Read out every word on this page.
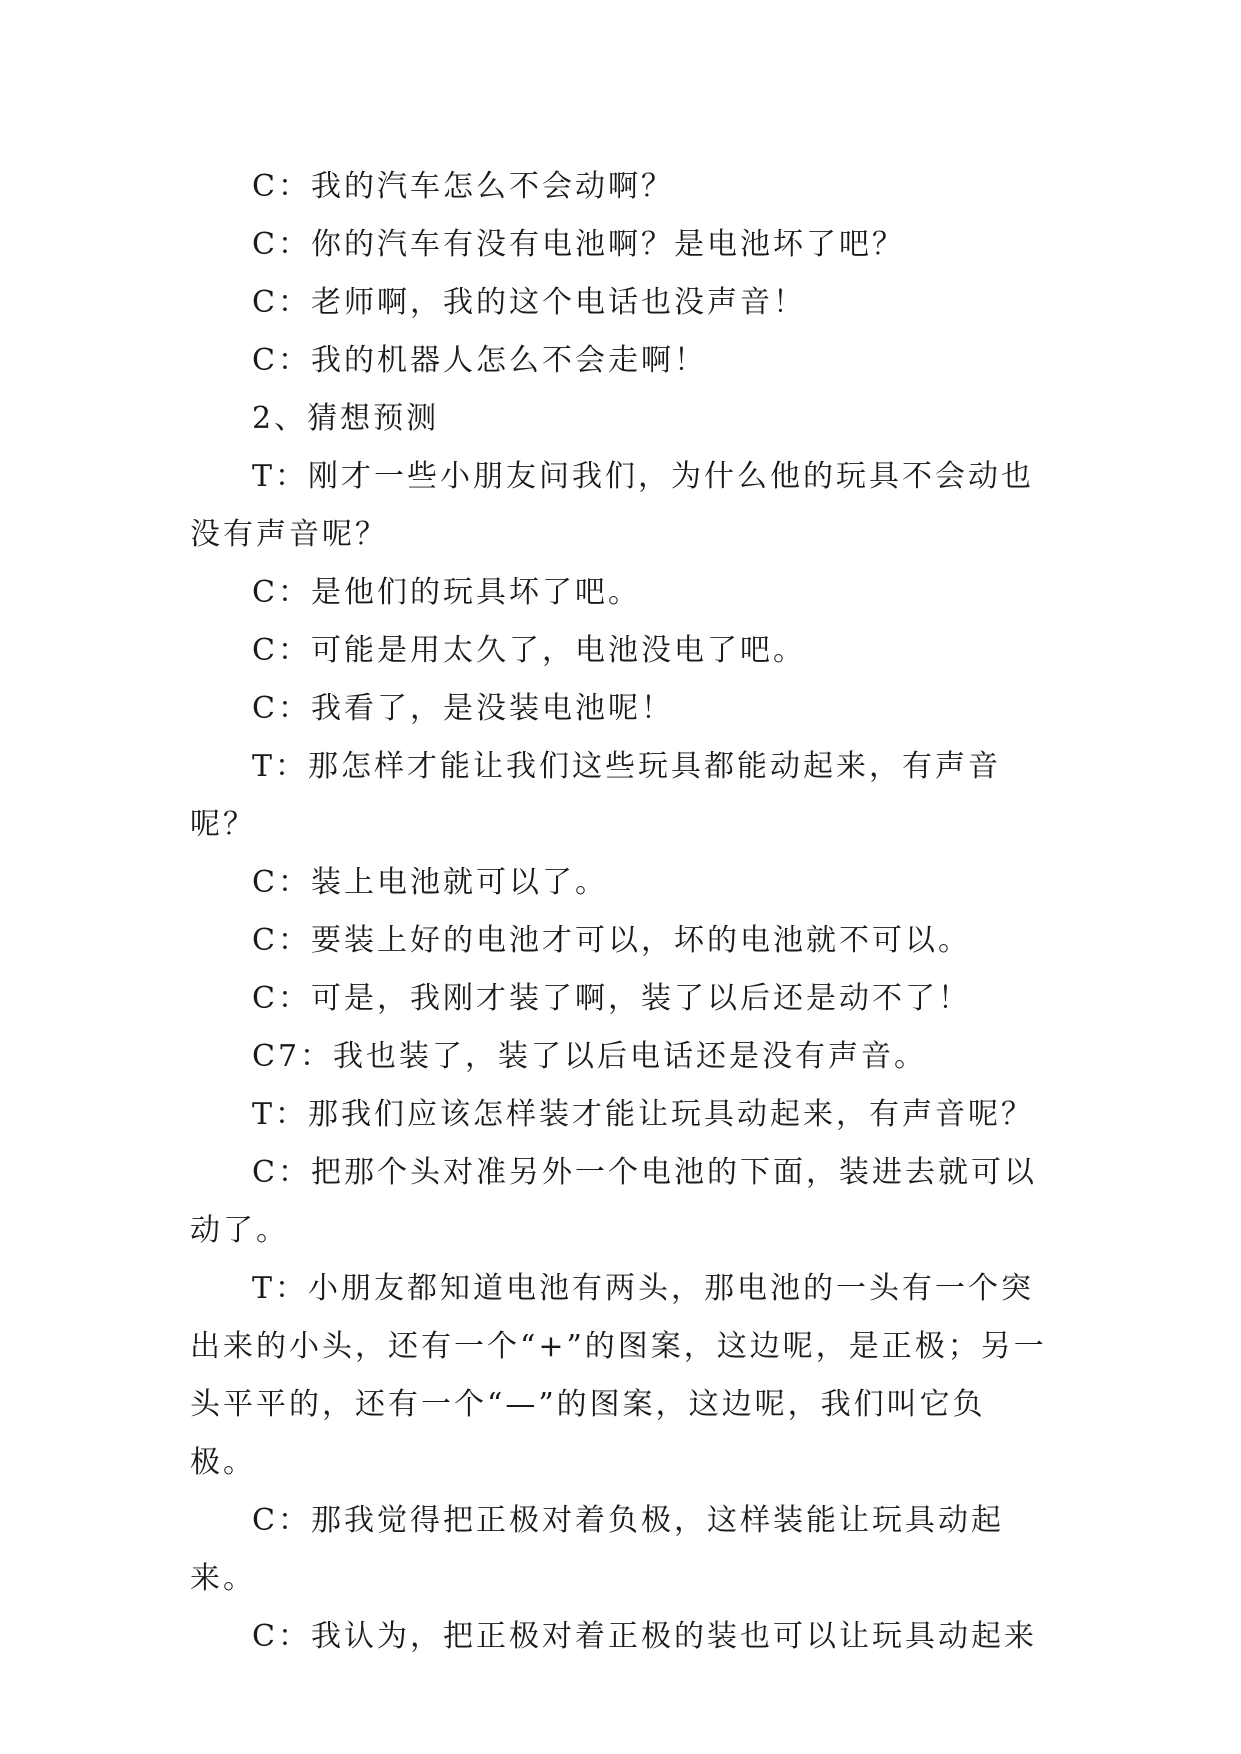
C：我的汽车怎么不会动啊？

C：你的汽车有没有电池啊？是电池坏了吧？

C：老师啊，我的这个电话也没声音！

C：我的机器人怎么不会走啊！

2、猜想预测

T：刚才一些小朋友问我们，为什么他的玩具不会动也没有声音呢？

C：是他们的玩具坏了吧。

C：可能是用太久了，电池没电了吧。

C：我看了，是没装电池呢！

T：那怎样才能让我们这些玩具都能动起来，有声音呢？

C：装上电池就可以了。

C：要装上好的电池才可以，坏的电池就不可以。

C：可是，我刚才装了啊，装了以后还是动不了！

C7：我也装了，装了以后电话还是没有声音。

T：那我们应该怎样装才能让玩具动起来，有声音呢？

C：把那个头对准另外一个电池的下面，装进去就可以动了。

T：小朋友都知道电池有两头，那电池的一头有一个突出来的小头，还有一个“+”的图案，这边呢，是正极；另一头平平的，还有一个“—”的图案，这边呢，我们叫它负极。

C：那我觉得把正极对着负极，这样装能让玩具动起来。

C：我认为，把正极对着正极的装也可以让玩具动起来
